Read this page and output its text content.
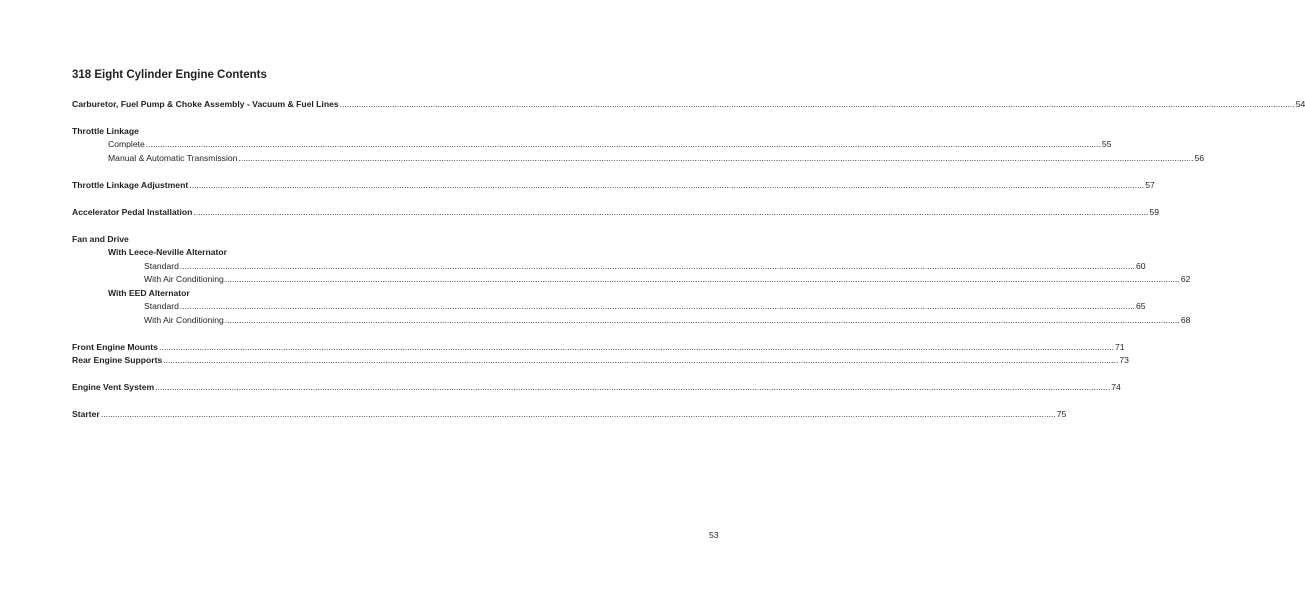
318 Eight Cylinder Engine Contents
Carburetor, Fuel Pump & Choke Assembly - Vacuum & Fuel Lines ................................................................................................................................................................................................................................................................................................................................................................................................................ 54
Throttle Linkage
Complete ................................................................................................................................................................................................................................................................................................................................................................................................................ 55
Manual & Automatic Transmission ................................................................................................................................................................................................................................................................................................................................................................................................................ 56
Throttle Linkage Adjustment ................................................................................................................................................................................................................................................................................................................................................................................................................ 57
Accelerator Pedal Installation ................................................................................................................................................................................................................................................................................................................................................................................................................ 59
Fan and Drive
With Leece-Neville Alternator
Standard ................................................................................................................................................................................................................................................................................................................................................................................................................ 60
With Air Conditioning ................................................................................................................................................................................................................................................................................................................................................................................................................ 62
With EED Alternator
Standard ................................................................................................................................................................................................................................................................................................................................................................................................................ 65
With Air Conditioning ................................................................................................................................................................................................................................................................................................................................................................................................................ 68
Front Engine Mounts ................................................................................................................................................................................................................................................................................................................................................................................................................ 71
Rear Engine Supports ................................................................................................................................................................................................................................................................................................................................................................................................................ 73
Engine Vent System ................................................................................................................................................................................................................................................................................................................................................................................................................ 74
Starter ................................................................................................................................................................................................................................................................................................................................................................................................................ 75
53
